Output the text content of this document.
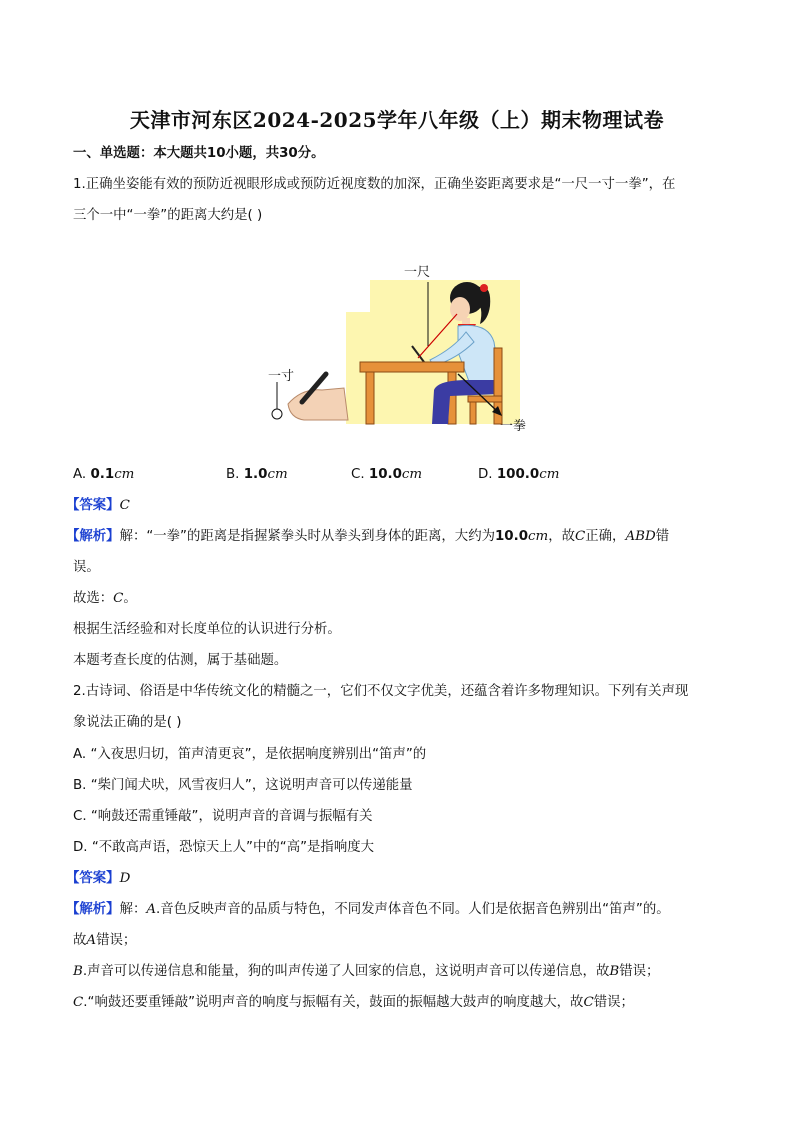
天津市河东区2024-2025学年八年级（上）期末物理试卷
一、单选题：本大题共10小题，共30分。
1.正确坐姿能有效的预防近视眼形成或预防近视度数的加深，正确坐姿距离要求是“一尺一寸一拳”，在
三个一中“一拳”的距离大约是( )
一尺
一寸
一拳
A. 0.1cm	B. 1.0cm	C. 10.0cm	D. 100.0cm
【答案】C
【解析】解：“一拳”的距离是指握紧拳头时从拳头到身体的距离，大约为10.0cm，故C正确，ABD错
误。
故选：C。
根据生活经验和对长度单位的认识进行分析。
本题考查长度的估测，属于基础题。
2.古诗词、俗语是中华传统文化的精髓之一，它们不仅文字优美，还蕴含着许多物理知识。下列有关声现
象说法正确的是( )
A. “入夜思归切，笛声清更哀”，是依据响度辨别出“笛声”的
B. “柴门闻犬吠，风雪夜归人”，这说明声音可以传递能量
C. “响鼓还需重锤敲”，说明声音的音调与振幅有关
D. “不敢高声语，恐惊天上人”中的“高”是指响度大
【答案】D
【解析】解：A.音色反映声音的品质与特色，不同发声体音色不同。人们是依据音色辨别出“笛声”的。
故A错误；
B.声音可以传递信息和能量，狗的叫声传递了人回家的信息，这说明声音可以传递信息，故B错误；
C.“响鼓还要重锤敲”说明声音的响度与振幅有关，鼓面的振幅越大鼓声的响度越大，故C错误；
